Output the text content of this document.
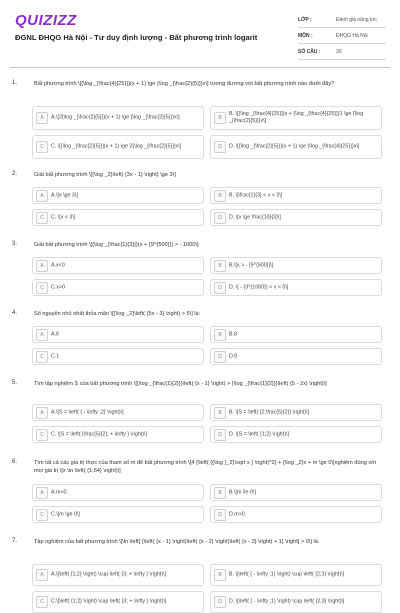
QUIZIZZ
ĐGNL ĐHQG Hà Nội - Tư duy định lượng - Bất phương trình logarit
LỚP :	Đánh giá năng lực
MÔN :	ĐHQG Hà Nội
SỐ CÂU :	30
1.	Bất phương trình \[{\log _{\frac{4}{25}}}(x + 1) \ge {\log _{\frac{2}{5}}}x\] tương đương với bất phương trình nào dưới đây?
A	A.\[2{\log _{\frac{2}{5}}}(x + 1) \ge {\log _{\frac{2}{5}}}x\]	B
B. \[{\log _{\frac{4}{25}}}x + {\log _{\frac{4}{25}}}1 \ge {\log _{\frac{2}{5}}}x\]
C	C. \[{\log _{\frac{2}{5}}}(x + 1) \ge 2{\log _{\frac{2}{5}}}x\]	D	D. \[{\log _{\frac{2}{5}}}(x + 1) \ge {\log _{\frac{4}{25}}}x\]
2.	Giải bất phương trình \[{\log _2}\left( {3x - 1} \right) \ge 3\]
A	A.\[x \ge 3\]	B	B. \[\frac{1}{3} < x < 3\]
C	C. \[x < 3\]	D	D. \[x \ge \frac{10}{3}\]
3.	Giải bất phương trình \[{\log _{\frac{1}{3}}}(x + {9^{500}}) > - 1000\]
A	A.x<0	B	B.\[x > - {9^{500}}\]
C	C.x>0	D	D. \[ - {3^{1000}} < x < 0\]
4.	Số nguyên nhỏ nhất thỏa mãn \[{\log _2}\left( {5x - 3} \right) > 5\] là:
A	A.6	B	B.8
C	C.1	D	D.0
5.	Tìm tập nghiệm S của bất phương trình \[{\log _{\frac{1}{2}}}\left( {x - 1} \right) > {\log _{\frac{1}{2}}}\left( {5 - 2x} \right)\]
A	A.\[S = \left( { - \infty ;2} \right)\]	B	B. \[S = \left( {2;\frac{5}{2}} \right)\]
C	C. \[S = \left( {\frac{5}{2}; + \infty } \right)\]	D	D. \[S = \left( {1;2} \right)\]
6.	Tìm tất cả các giá trị thực của tham số m để bất phương trình \[4 {\left( {{\log }_2}\sqrt x } \right)^2} + {\log _2}x + m \ge 0\]nghiệm đúng với mọi giá trị \[x \in \left( {1;64} \right)\]
A	A.m<0.	B	B.\[m \le 0\]
C	C.\[m \ge 0\]	D	D.m>0.
7.	Tập nghiệm của bất phương trình \[\ln \left[ {\left( {x - 1} \right)\left( {x - 2} \right)\left( {x - 3} \right) + 1} \right] > 0\] là:
A	A.\[\left( {1;2} \right) \cup \left( {3; + \infty } \right)\]	B	B. \[\left( { - \infty ;1} \right) \cup \left( {2;3} \right)\]
C	C.\[\left( {1;2} \right) \cap \left( {3; + \infty } \right)\]	D	D. \[\left( { - \infty ;1} \right) \cap \left( {2;3} \right)\]
